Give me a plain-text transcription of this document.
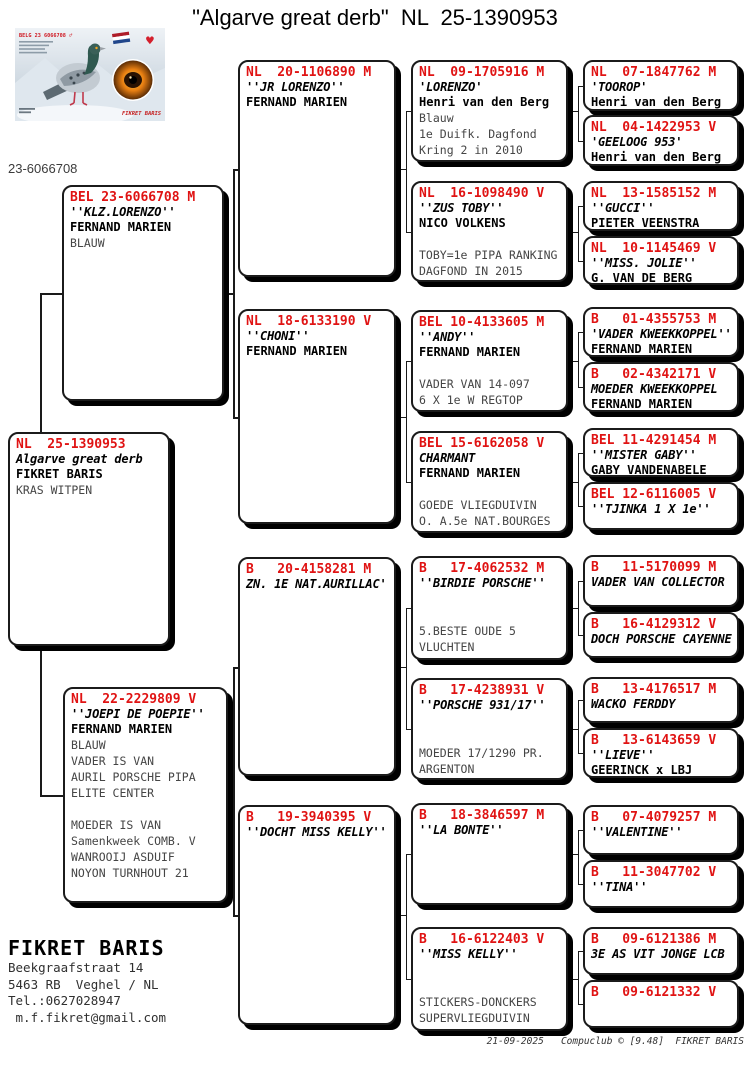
"Algarve great derb"  NL  25-1390953
♥
BELG 23 6066708 ♂
FIKRET BARIS
23-6066708
NL  25-1390953
Algarve great derb
FIKRET BARIS
KRAS WITPEN
BEL 23-6066708 M
''KLZ.LORENZO''
FERNAND MARIEN
BLAUW
NL  22-2229809 V
''JOEPI DE POEPIE''
FERNAND MARIEN
BLAUW
VADER IS VAN
AURIL PORSCHE PIPA
ELITE CENTER

MOEDER IS VAN
Samenkweek COMB. V
WANROOIJ ASDUIF
NOYON TURNHOUT 21
NL  20-1106890 M
''JR LORENZO''
FERNAND MARIEN
NL  18-6133190 V
''CHONI''
FERNAND MARIEN
B   20-4158281 M
ZN. 1E NAT.AURILLAC'
B   19-3940395 V
''DOCHT MISS KELLY''
NL  09-1705916 M
'LORENZO'
Henri van den Berg
Blauw
1e Duifk. Dagfond
Kring 2 in 2010
NL  16-1098490 V
''ZUS TOBY''
NICO VOLKENS

TOBY=1e PIPA RANKING
DAGFOND IN 2015
BEL 10-4133605 M
''ANDY''
FERNAND MARIEN

VADER VAN 14-097
6 X 1e W REGTOP
BEL 15-6162058 V
CHARMANT
FERNAND MARIEN

GOEDE VLIEGDUIVIN
O. A.5e NAT.BOURGES
B   17-4062532 M
''BIRDIE PORSCHE''

5.BESTE OUDE 5
VLUCHTEN
B   17-4238931 V
''PORSCHE 931/17''

MOEDER 17/1290 PR.
ARGENTON
B   18-3846597 M
''LA BONTE''
B   16-6122403 V
''MISS KELLY''

STICKERS-DONCKERS
SUPERVLIEGDUIVIN
NL  07-1847762 M
'TOOROP'
Henri van den Berg
NL  04-1422953 V
'GEELOOG 953'
Henri van den Berg
NL  13-1585152 M
''GUCCI''
PIETER VEENSTRA
NL  10-1145469 V
''MISS. JOLIE''
G. VAN DE BERG
B   01-4355753 M
'VADER KWEEKKOPPEL''
FERNAND MARIEN
B   02-4342171 V
MOEDER KWEEKKOPPEL
FERNAND MARIEN
BEL 11-4291454 M
''MISTER GABY''
GABY VANDENABELE
BEL 12-6116005 V
''TJINKA 1 X 1e''
B   11-5170099 M
VADER VAN COLLECTOR
B   16-4129312 V
DOCH PORSCHE CAYENNE
B   13-4176517 M
WACKO FERDDY
B   13-6143659 V
''LIEVE''
GEERINCK x LBJ
B   07-4079257 M
''VALENTINE''
B   11-3047702 V
''TINA''
B   09-6121386 M
3E AS VIT JONGE LCB
B   09-6121332 V
FIKRET BARIS
Beekgraafstraat 14
5463 RB  Veghel / NL
Tel.:0627028947
m.f.fikret@gmail.com
21-09-2025   Compuclub © [9.48]  FIKRET BARIS
